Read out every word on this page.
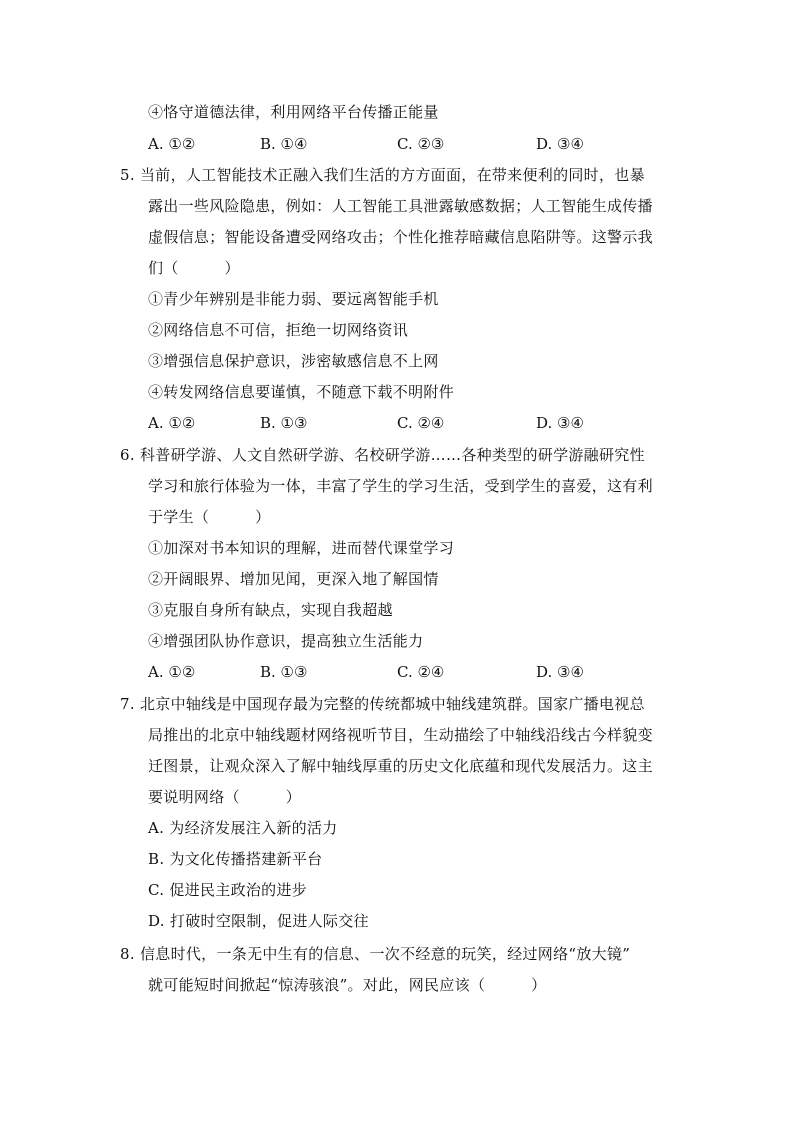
④恪守道德法律，利用网络平台传播正能量
A. ①②	B. ①④	C. ②③	D. ③④
5. 当前，人工智能技术正融入我们生活的方方面面，在带来便利的同时，也暴
露出一些风险隐患，例如：人工智能工具泄露敏感数据；人工智能生成传播
虚假信息；智能设备遭受网络攻击；个性化推荐暗藏信息陷阱等。这警示我
们（　　　）
①青少年辨别是非能力弱、要远离智能手机
②网络信息不可信，拒绝一切网络资讯
③增强信息保护意识，涉密敏感信息不上网
④转发网络信息要谨慎，不随意下载不明附件
A. ①②	B. ①③	C. ②④	D. ③④
6. 科普研学游、人文自然研学游、名校研学游……各种类型的研学游融研究性
学习和旅行体验为一体，丰富了学生的学习生活，受到学生的喜爱，这有利
于学生（　　　）
①加深对书本知识的理解，进而替代课堂学习
②开阔眼界、增加见闻，更深入地了解国情
③克服自身所有缺点，实现自我超越
④增强团队协作意识，提高独立生活能力
A. ①②	B. ①③	C. ②④	D. ③④
7. 北京中轴线是中国现存最为完整的传统都城中轴线建筑群。国家广播电视总
局推出的北京中轴线题材网络视听节目，生动描绘了中轴线沿线古今样貌变
迁图景，让观众深入了解中轴线厚重的历史文化底蕴和现代发展活力。这主
要说明网络（　　　）
A. 为经济发展注入新的活力
B. 为文化传播搭建新平台
C. 促进民主政治的进步
D. 打破时空限制，促进人际交往
8. 信息时代，一条无中生有的信息、一次不经意的玩笑，经过网络“放大镜”
就可能短时间掀起“惊涛骇浪”。对此，网民应该（　　　）
